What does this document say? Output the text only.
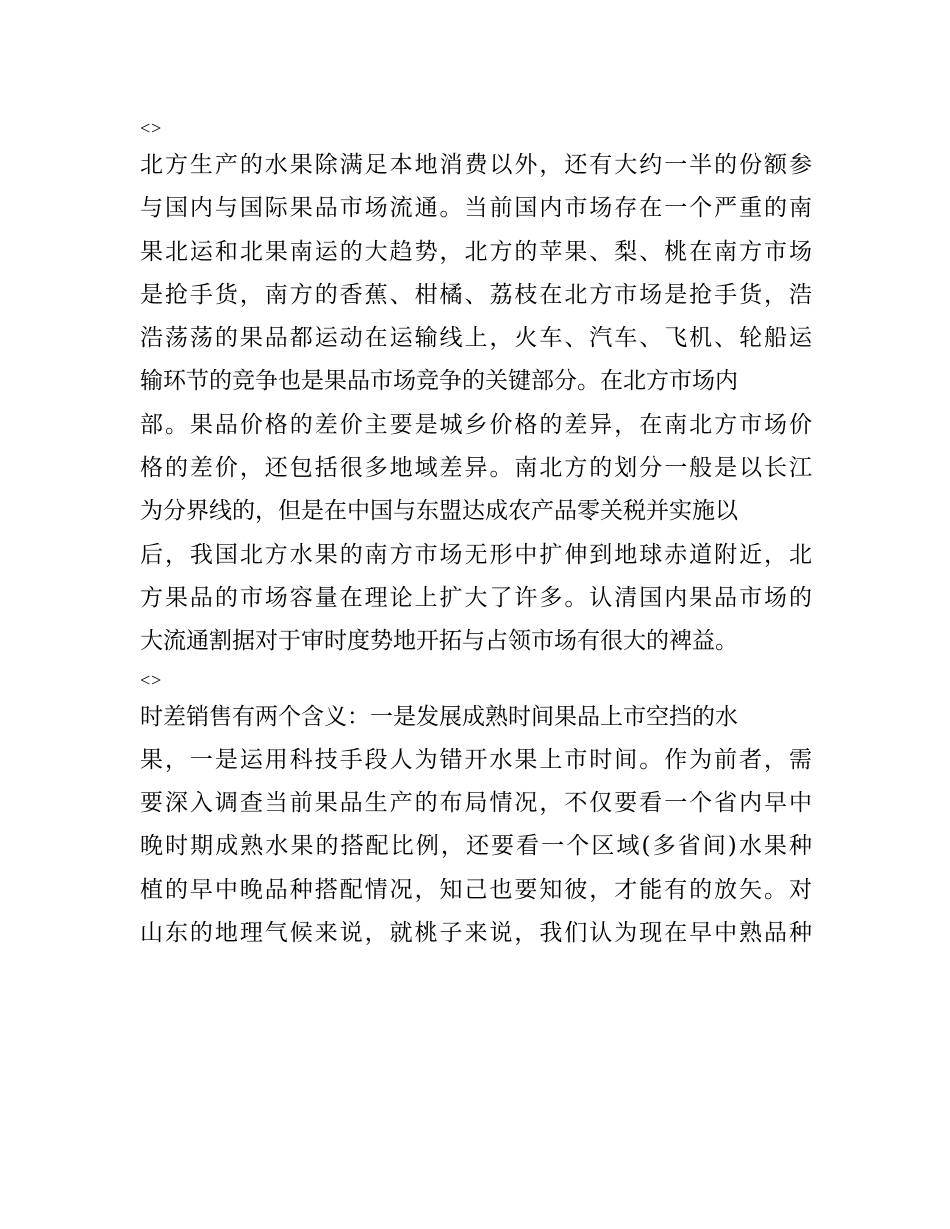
<>

北方生产的水果除满足本地消费以外，还有大约一半的份额参
与国内与国际果品市场流通。当前国内市场存在一个严重的南
果北运和北果南运的大趋势，北方的苹果、梨、桃在南方市场
是抢手货，南方的香蕉、柑橘、荔枝在北方市场是抢手货，浩
浩荡荡的果品都运动在运输线上，火车、汽车、飞机、轮船运
输环节的竞争也是果品市场竞争的关键部分。在北方市场内
部。果品价格的差价主要是城乡价格的差异，在南北方市场价
格的差价，还包括很多地域差异。南北方的划分一般是以长江
为分界线的，但是在中国与东盟达成农产品零关税并实施以
后，我国北方水果的南方市场无形中扩伸到地球赤道附近，北
方果品的市场容量在理论上扩大了许多。认清国内果品市场的
大流通割据对于审时度势地开拓与占领市场有很大的裨益。

<>

时差销售有两个含义：一是发展成熟时间果品上市空挡的水
果，一是运用科技手段人为错开水果上市时间。作为前者，需
要深入调查当前果品生产的布局情况，不仅要看一个省内早中
晚时期成熟水果的搭配比例，还要看一个区域(多省间)水果种
植的早中晚品种搭配情况，知己也要知彼，才能有的放矢。对
山东的地理气候来说，就桃子来说，我们认为现在早中熟品种
